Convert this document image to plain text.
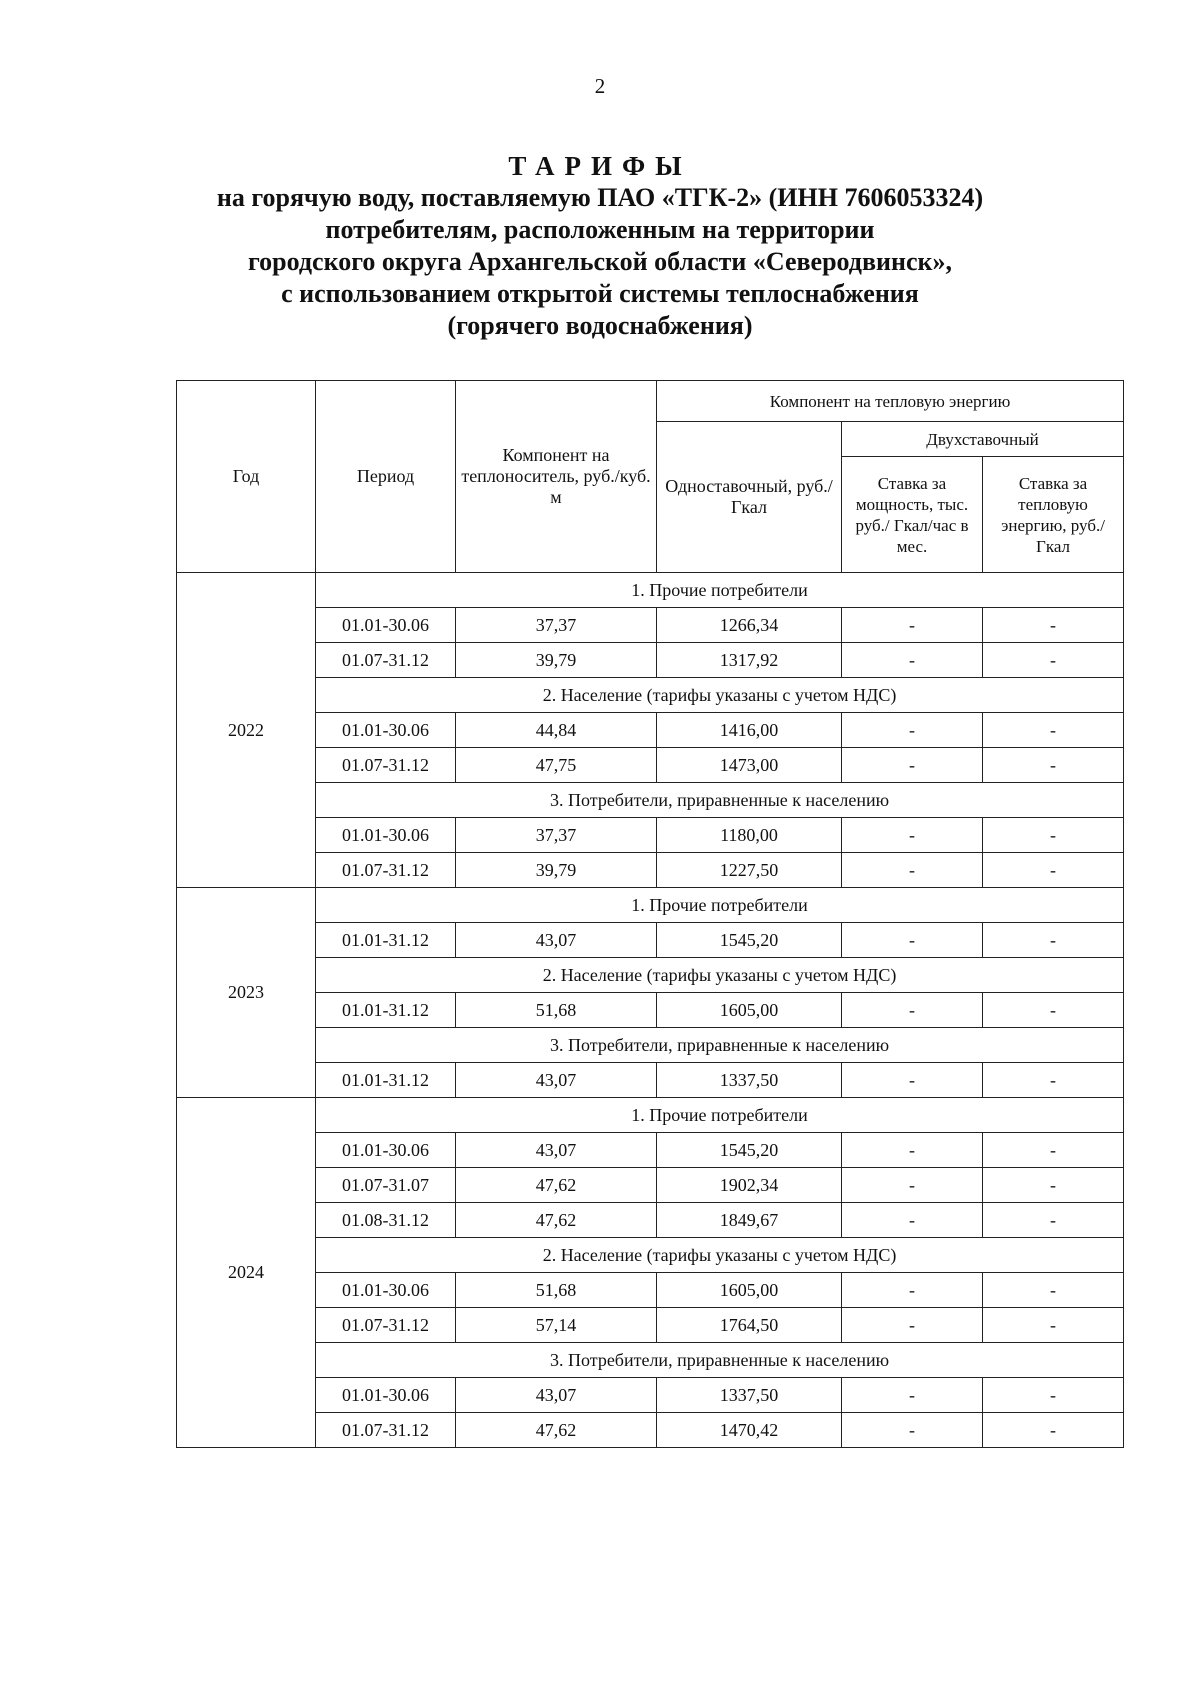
2
ТАРИФЫ
на горячую воду, поставляемую ПАО «ТГК-2» (ИНН 7606053324)
потребителям, расположенным на территории
городского округа Архангельской области «Северодвинск»,
с использованием открытой системы теплоснабжения
(горячего водоснабжения)
Год	Период	Компонент на теплоноситель, руб./куб. м	Компонент на тепловую энергию		
			Одноставочный, руб./Гкал	Двухставочный	
				Ставка за мощность, тыс. руб./ Гкал/час в мес.	Ставка за тепловую энергию, руб./Гкал
2022	1. Прочие потребители				
	01.01-30.06	37,37	1266,34	-	-
	01.07-31.12	39,79	1317,92	-	-
	2. Население (тарифы указаны с учетом НДС)				
	01.01-30.06	44,84	1416,00	-	-
	01.07-31.12	47,75	1473,00	-	-
	3. Потребители, приравненные к населению				
	01.01-30.06	37,37	1180,00	-	-
	01.07-31.12	39,79	1227,50	-	-
2023	1. Прочие потребители				
	01.01-31.12	43,07	1545,20	-	-
	2. Население (тарифы указаны с учетом НДС)				
	01.01-31.12	51,68	1605,00	-	-
	3. Потребители, приравненные к населению				
	01.01-31.12	43,07	1337,50	-	-
2024	1. Прочие потребители				
	01.01-30.06	43,07	1545,20	-	-
	01.07-31.07	47,62	1902,34	-	-
	01.08-31.12	47,62	1849,67	-	-
	2. Население (тарифы указаны с учетом НДС)				
	01.01-30.06	51,68	1605,00	-	-
	01.07-31.12	57,14	1764,50	-	-
	3. Потребители, приравненные к населению				
	01.01-30.06	43,07	1337,50	-	-
	01.07-31.12	47,62	1470,42	-	-
